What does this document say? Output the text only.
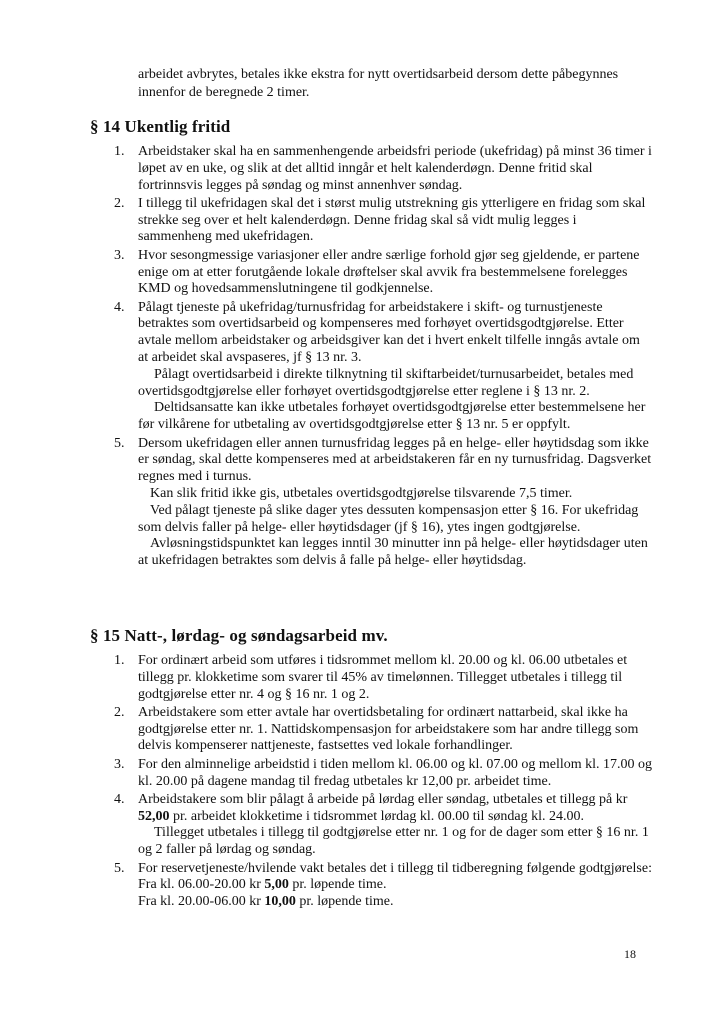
arbeidet avbrytes, betales ikke ekstra for nytt overtidsarbeid dersom dette påbegynnes innenfor de beregnede 2 timer.

§ 14 Ukentlig fritid
1. Arbeidstaker skal ha en sammenhengende arbeidsfri periode (ukefridag) på minst 36 timer i løpet av en uke, og slik at det alltid inngår et helt kalenderdøgn. Denne fritid skal fortrinnsvis legges på søndag og minst annenhver søndag.

2. I tillegg til ukefridagen skal det i størst mulig utstrekning gis ytterligere en fridag som skal strekke seg over et helt kalenderdøgn. Denne fridag skal så vidt mulig legges i sammenheng med ukefridagen.

3. Hvor sesongmessige variasjoner eller andre særlige forhold gjør seg gjeldende, er partene enige om at etter forutgående lokale drøftelser skal avvik fra bestemmelsene forelegges KMD og hovedsammenslutningene til godkjennelse.

4. Pålagt tjeneste på ukefridag/turnusfridag for arbeidstakere i skift- og turnustjeneste betraktes som overtidsarbeid og kompenseres med forhøyet overtidsgodtgjørelse. Etter avtale mellom arbeidstaker og arbeidsgiver kan det i hvert enkelt tilfelle inngås avtale om at arbeidet skal avspaseres, jf § 13 nr. 3.

Pålagt overtidsarbeid i direkte tilknytning til skiftarbeidet/turnusarbeidet, betales med overtidsgodtgjørelse eller forhøyet overtidsgodtgjørelse etter reglene i § 13 nr. 2.

Deltidsansatte kan ikke utbetales forhøyet overtidsgodtgjørelse etter bestemmelsene her før vilkårene for utbetaling av overtidsgodtgjørelse etter § 13 nr. 5 er oppfylt.

5. Dersom ukefridagen eller annen turnusfridag legges på en helge- eller høytidsdag som ikke er søndag, skal dette kompenseres med at arbeidstakeren får en ny turnusfridag. Dagsverket regnes med i turnus.

Kan slik fritid ikke gis, utbetales overtidsgodtgjørelse tilsvarende 7,5 timer.

Ved pålagt tjeneste på slike dager ytes dessuten kompensasjon etter § 16. For ukefridag som delvis faller på helge- eller høytidsdager (jf § 16), ytes ingen godtgjørelse.

Avløsningstidspunktet kan legges inntil 30 minutter inn på helge- eller høytidsdager uten at ukefridagen betraktes som delvis å falle på helge- eller høytidsdag.

§ 15 Natt-, lørdag- og søndagsarbeid mv.
1. For ordinært arbeid som utføres i tidsrommet mellom kl. 20.00 og kl. 06.00 utbetales et tillegg pr. klokketime som svarer til 45% av timelønnen. Tillegget utbetales i tillegg til godtgjørelse etter nr. 4 og § 16 nr. 1 og 2.

2. Arbeidstakere som etter avtale har overtidsbetaling for ordinært nattarbeid, skal ikke ha godtgjørelse etter nr. 1. Nattidskompensasjon for arbeidstakere som har andre tillegg som delvis kompenserer nattjeneste, fastsettes ved lokale forhandlinger.

3. For den alminnelige arbeidstid i tiden mellom kl. 06.00 og kl. 07.00 og mellom kl. 17.00 og kl. 20.00 på dagene mandag til fredag utbetales kr 12,00 pr. arbeidet time.

4. Arbeidstakere som blir pålagt å arbeide på lørdag eller søndag, utbetales et tillegg på kr 52,00 pr. arbeidet klokketime i tidsrommet lørdag kl. 00.00 til søndag kl. 24.00.

Tillegget utbetales i tillegg til godtgjørelse etter nr. 1 og for de dager som etter § 16 nr. 1 og 2 faller på lørdag og søndag.

5. For reservetjeneste/hvilende vakt betales det i tillegg til tidberegning følgende godtgjørelse:

Fra kl. 06.00-20.00 kr 5,00 pr. løpende time.

Fra kl. 20.00-06.00 kr 10,00 pr. løpende time.

18
